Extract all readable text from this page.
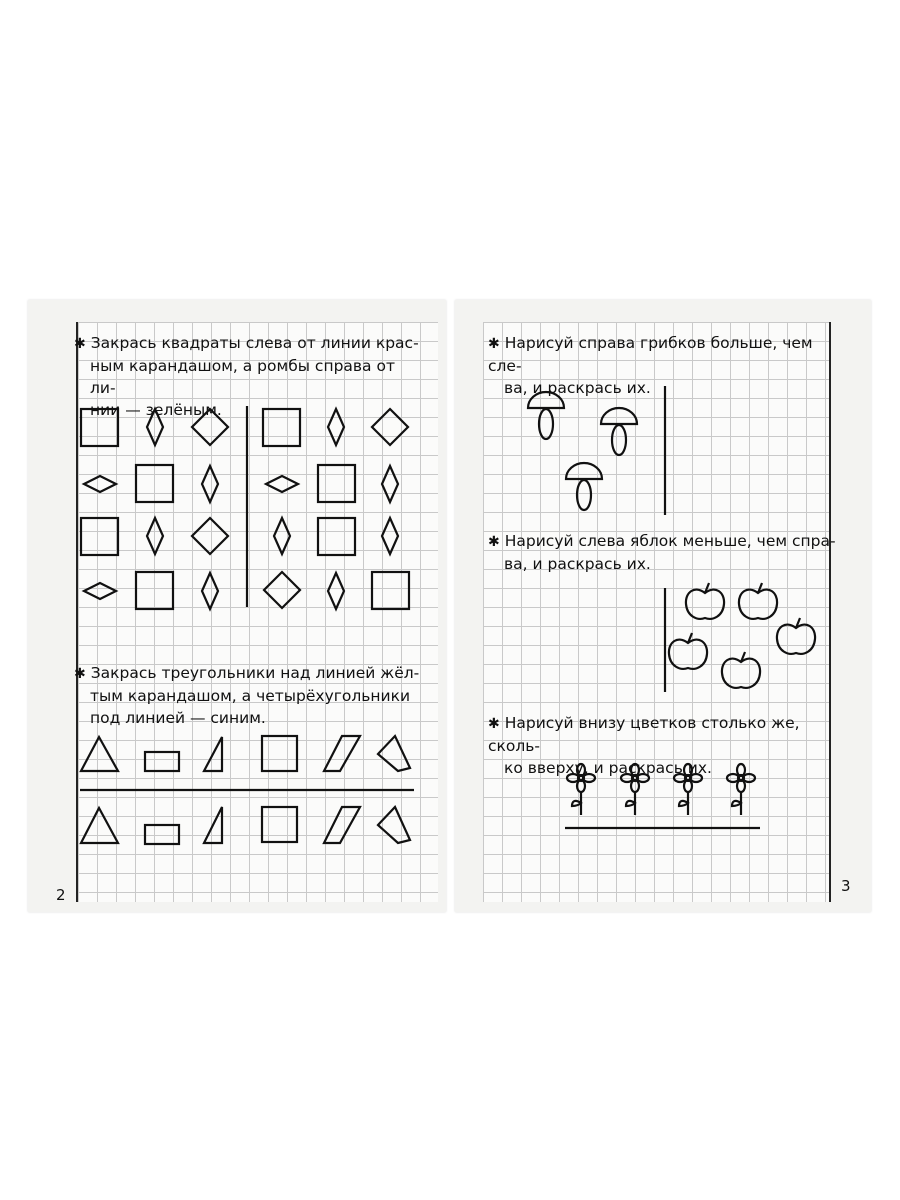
2	3
✱ Закрась квадраты слева от линии крас-
ным карандашом, а ромбы справа от ли-
нии — зелёным.
✱ Закрась треугольники над линией жёл-
тым карандашом, а четырёхугольники
под линией — синим.
✱ Нарисуй справа грибков больше, чем сле-
ва, и раскрась их.
✱ Нарисуй слева яблок меньше, чем спра-
ва, и раскрась их.
✱ Нарисуй внизу цветков столько же, сколь-
ко вверху, и раскрась их.
